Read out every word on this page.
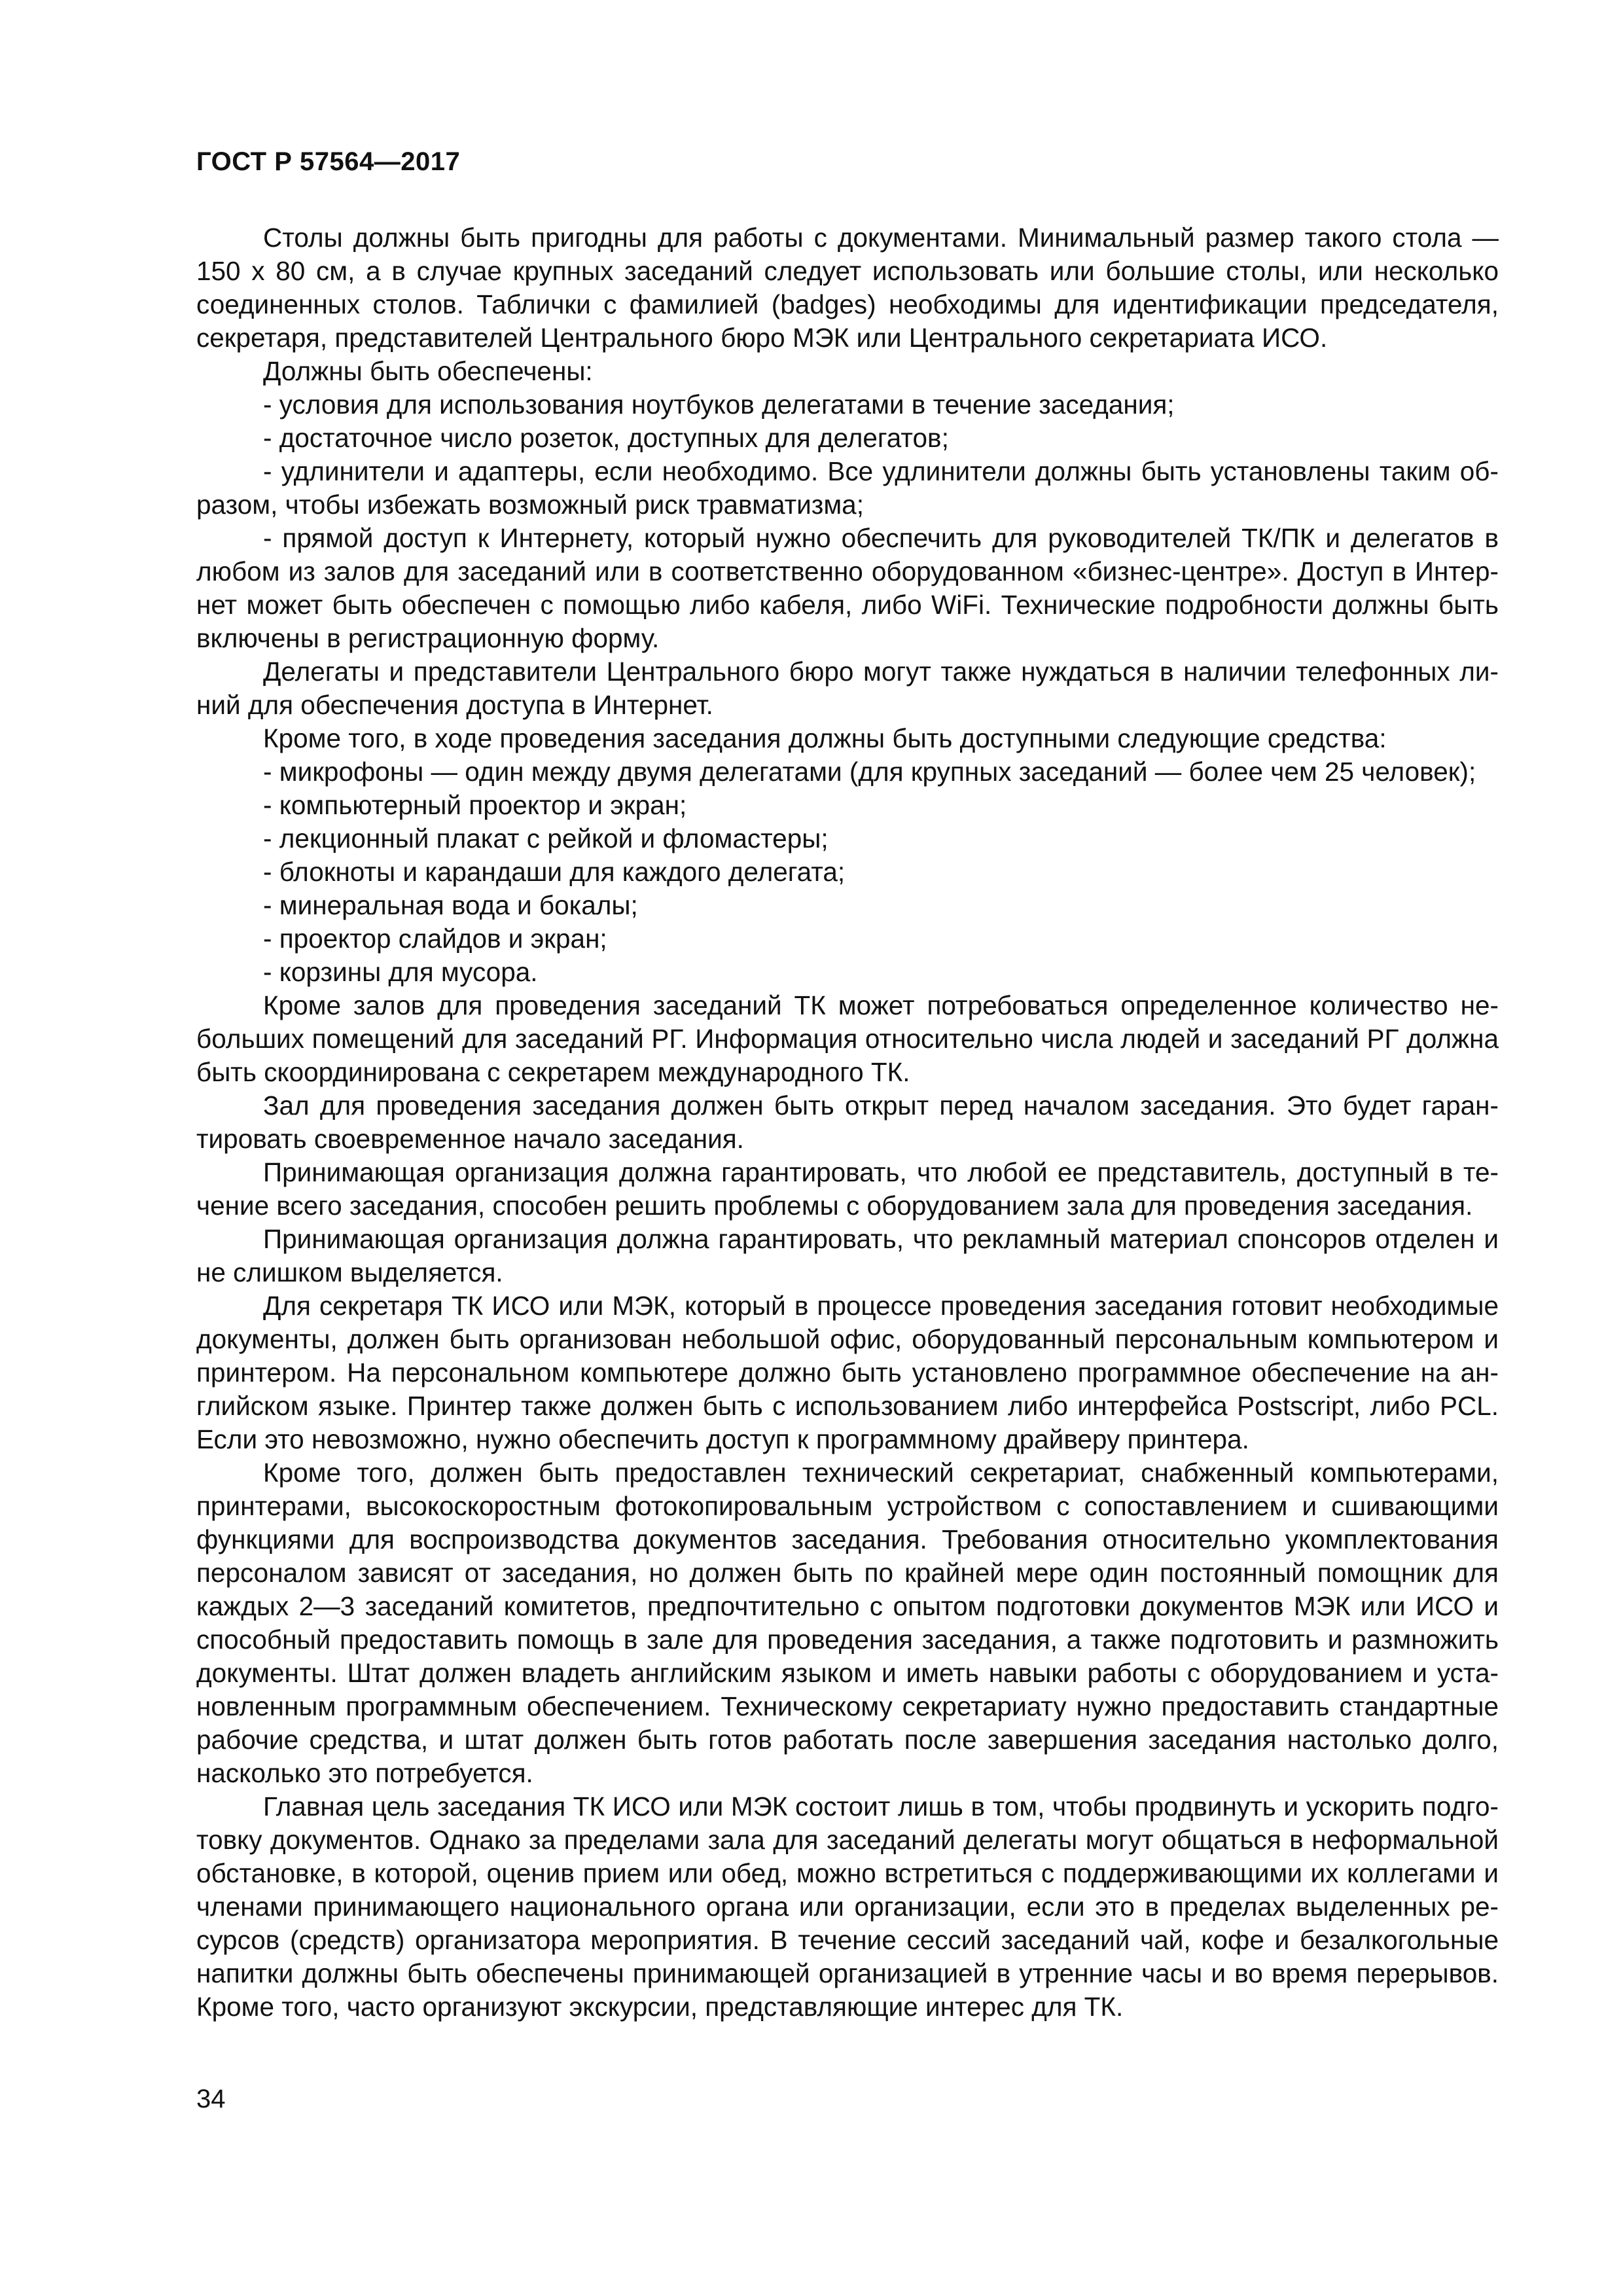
ГОСТ Р 57564—2017

Столы должны быть пригодны для работы с документами. Минимальный размер такого стола — 150 х 80 см, а в случае крупных заседаний следует использовать или большие столы, или несколько соединенных столов. Таблички с фамилией (badges) необходимы для идентификации председателя, секретаря, представителей Центрального бюро МЭК или Центрального секретариата ИСО.

Должны быть обеспечены:

- условия для использования ноутбуков делегатами в течение заседания;

- достаточное число розеток, доступных для делегатов;

- удлинители и адаптеры, если необходимо. Все удлинители должны быть установлены таким образом, чтобы избежать возможный риск травматизма;

- прямой доступ к Интернету, который нужно обеспечить для руководителей ТК/ПК и делегатов в любом из залов для заседаний или в соответственно оборудованном «бизнес-центре». Доступ в Интернет может быть обеспечен с помощью либо кабеля, либо WiFi. Технические подробности должны быть включены в регистрационную форму.

Делегаты и представители Центрального бюро могут также нуждаться в наличии телефонных линий для обеспечения доступа в Интернет.

Кроме того, в ходе проведения заседания должны быть доступными следующие средства:

- микрофоны — один между двумя делегатами (для крупных заседаний — более чем 25 человек);

- компьютерный проектор и экран;

- лекционный плакат с рейкой и фломастеры;

- блокноты и карандаши для каждого делегата;

- минеральная вода и бокалы;

- проектор слайдов и экран;

- корзины для мусора.

Кроме залов для проведения заседаний ТК может потребоваться определенное количество небольших помещений для заседаний РГ. Информация относительно числа людей и заседаний РГ должна быть скоординирована с секретарем международного ТК.

Зал для проведения заседания должен быть открыт перед началом заседания. Это будет гарантировать своевременное начало заседания.

Принимающая организация должна гарантировать, что любой ее представитель, доступный в течение всего заседания, способен решить проблемы с оборудованием зала для проведения заседания.

Принимающая организация должна гарантировать, что рекламный материал спонсоров отделен и не слишком выделяется.

Для секретаря ТК ИСО или МЭК, который в процессе проведения заседания готовит необходимые документы, должен быть организован небольшой офис, оборудованный персональным компьютером и принтером. На персональном компьютере должно быть установлено программное обеспечение на английском языке. Принтер также должен быть с использованием либо интерфейса Postscript, либо PCL. Если это невозможно, нужно обеспечить доступ к программному драйверу принтера.

Кроме того, должен быть предоставлен технический секретариат, снабженный компьютерами, принтерами, высокоскоростным фотокопировальным устройством с сопоставлением и сшивающими функциями для воспроизводства документов заседания. Требования относительно укомплектования персоналом зависят от заседания, но должен быть по крайней мере один постоянный помощник для каждых 2—3 заседаний комитетов, предпочтительно с опытом подготовки документов МЭК или ИСО и способный предоставить помощь в зале для проведения заседания, а также подготовить и размножить документы. Штат должен владеть английским языком и иметь навыки работы с оборудованием и установленным программным обеспечением. Техническому секретариату нужно предоставить стандартные рабочие средства, и штат должен быть готов работать после завершения заседания настолько долго, насколько это потребуется.

Главная цель заседания ТК ИСО или МЭК состоит лишь в том, чтобы продвинуть и ускорить подготовку документов. Однако за пределами зала для заседаний делегаты могут общаться в неформальной обстановке, в которой, оценив прием или обед, можно встретиться с поддерживающими их коллегами и членами принимающего национального органа или организации, если это в пределах выделенных ресурсов (средств) организатора мероприятия. В течение сессий заседаний чай, кофе и безалкогольные напитки должны быть обеспечены принимающей организацией в утренние часы и во время перерывов. Кроме того, часто организуют экскурсии, представляющие интерес для ТК.

34
